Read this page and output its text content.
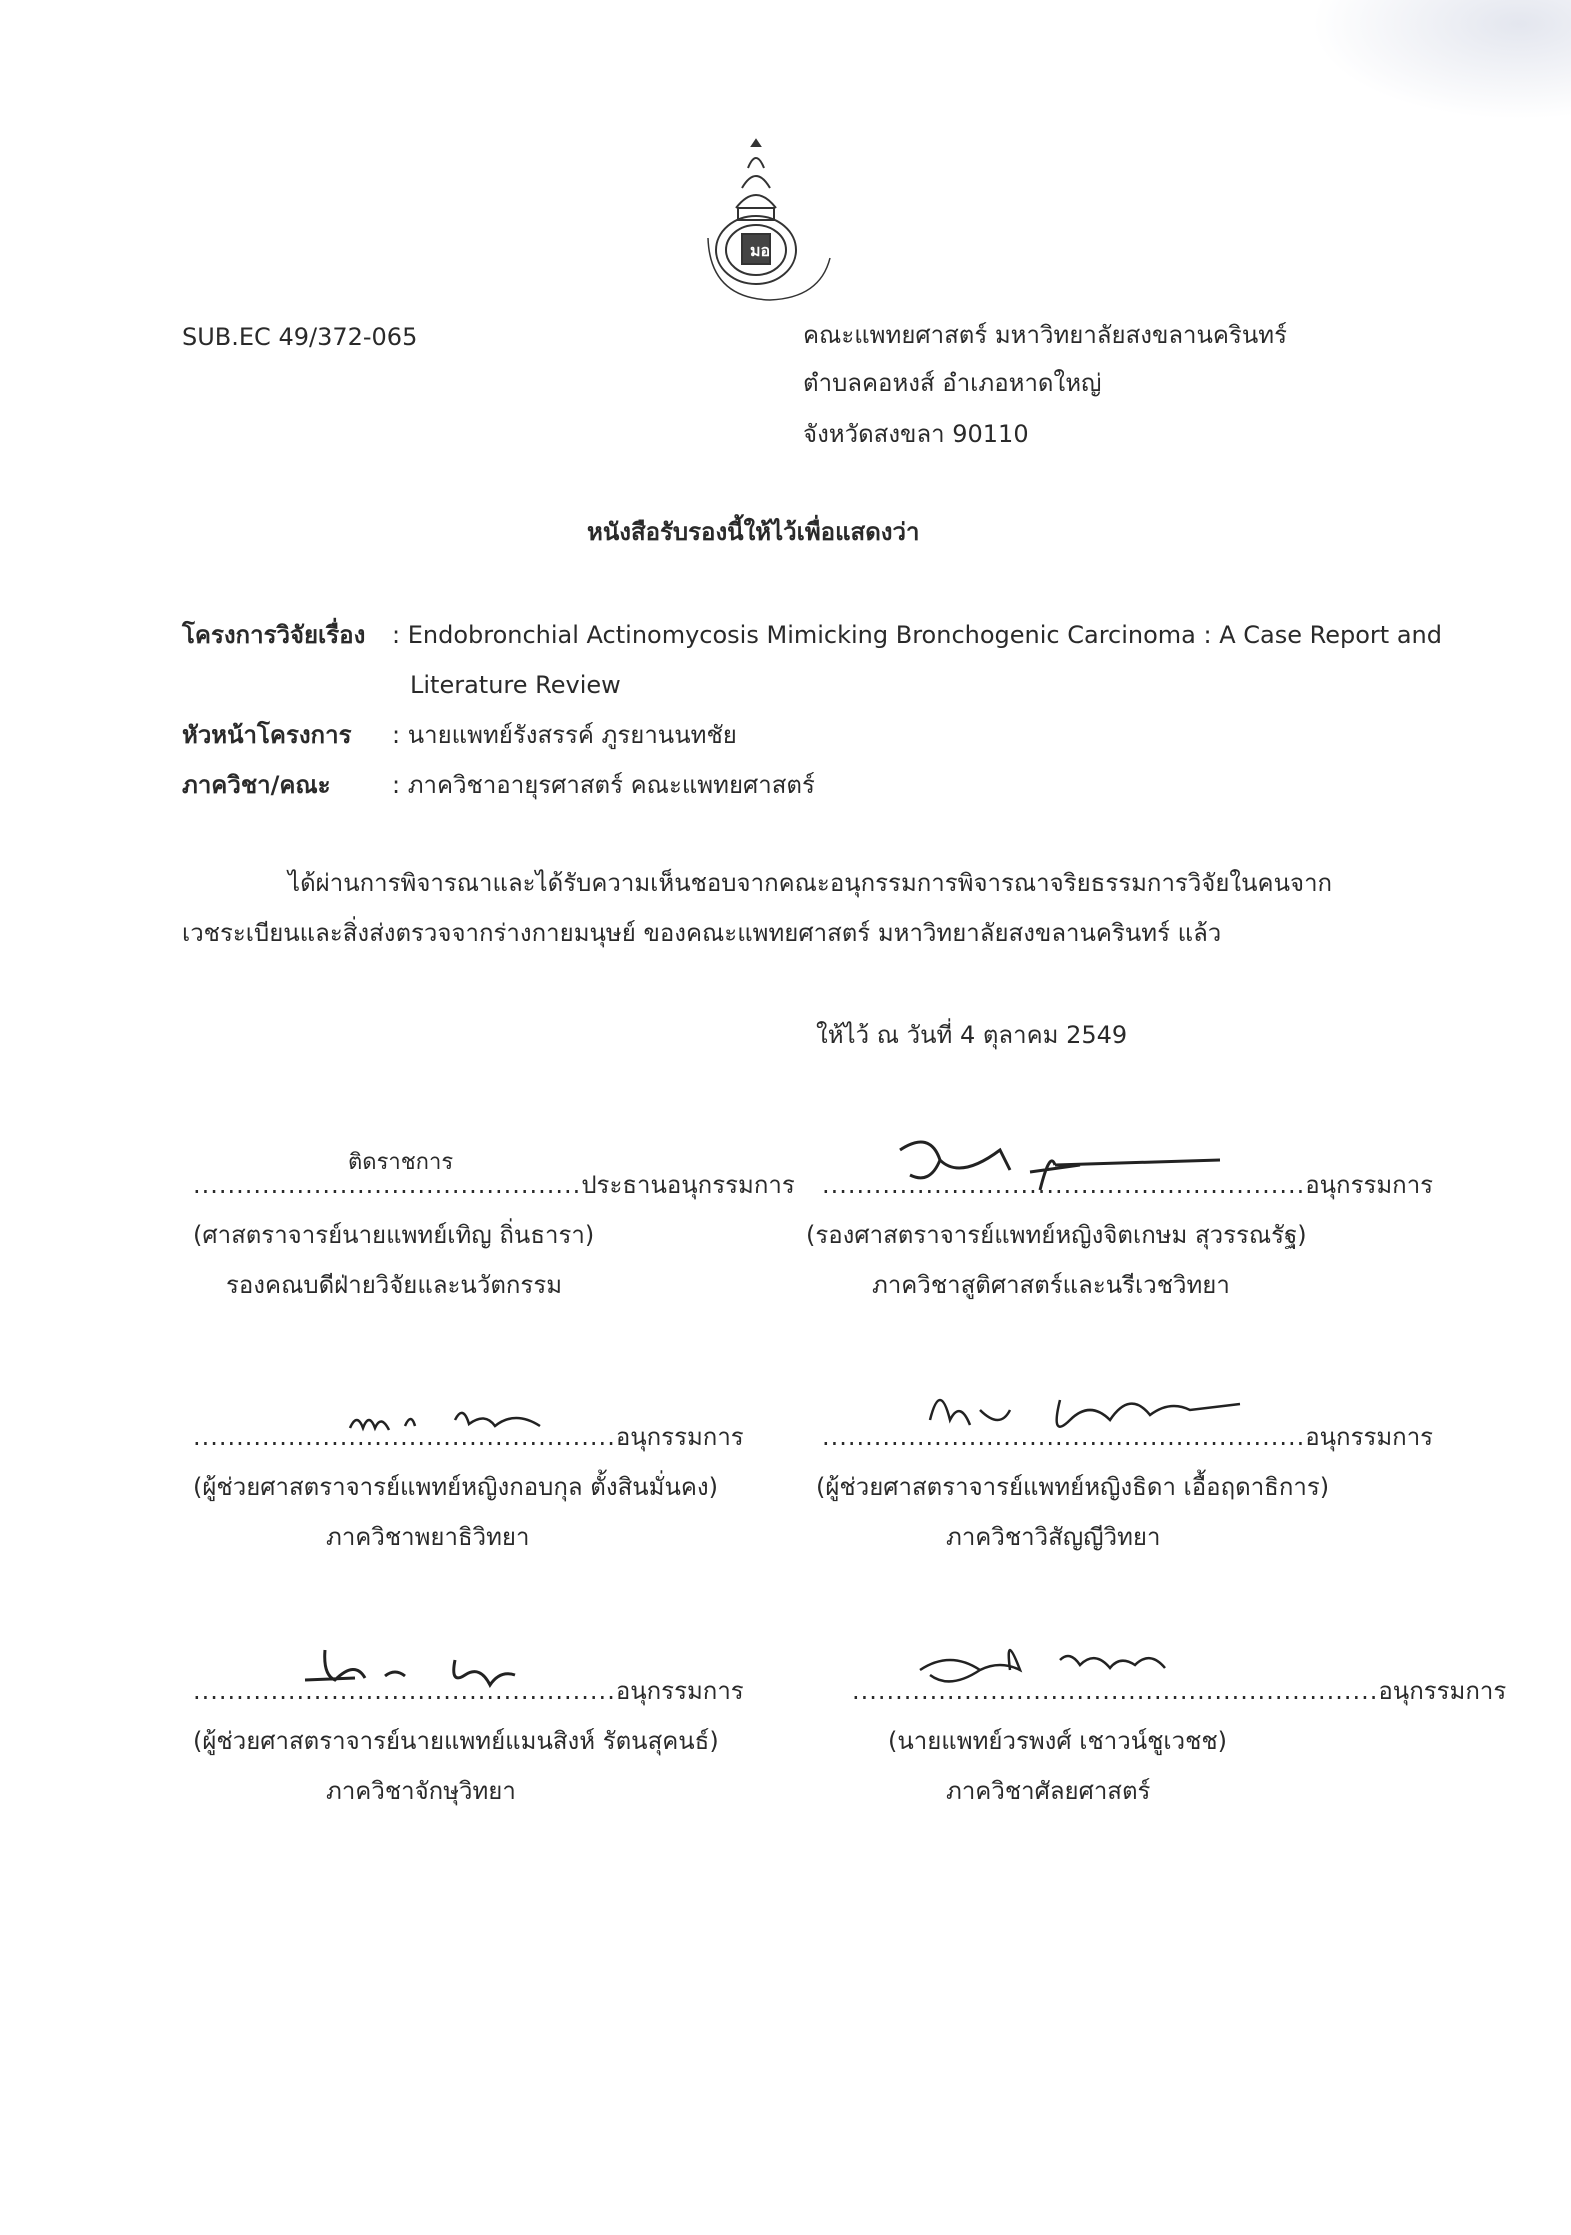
มอ
SUB.EC 49/372-065	คณะแพทยศาสตร์ มหาวิทยาลัยสงขลานครินทร์
ตำบลคอหงส์ อำเภอหาดใหญ่
จังหวัดสงขลา 90110
หนังสือรับรองนี้ให้ไว้เพื่อแสดงว่า
โครงการวิจัยเรื่อง : Endobronchial Actinomycosis Mimicking Bronchogenic Carcinoma : A Case Report and
Literature Review
หัวหน้าโครงการ : นายแพทย์รังสรรค์ ภูรยานนทชัย
ภาควิชา/คณะ	: ภาควิชาอายุรศาสตร์ คณะแพทยศาสตร์
ได้ผ่านการพิจารณาและได้รับความเห็นชอบจากคณะอนุกรรมการพิจารณาจริยธรรมการวิจัยในคนจาก
เวชระเบียนและสิ่งส่งตรวจจากร่างกายมนุษย์ ของคณะแพทยศาสตร์ มหาวิทยาลัยสงขลานครินทร์ แล้ว
ให้ไว้ ณ วันที่ 4 ตุลาคม 2549
ติดราชการ
.............................................ประธานอนุกรรมการ
(ศาสตราจารย์นายแพทย์เทิญ ถิ่นธารา)
รองคณบดีฝ่ายวิจัยและนวัตกรรม
........................................................อนุกรรมการ
(รองศาสตราจารย์แพทย์หญิงจิตเกษม สุวรรณรัฐ)
ภาควิชาสูติศาสตร์และนรีเวชวิทยา
.................................................อนุกรรมการ
(ผู้ช่วยศาสตราจารย์แพทย์หญิงกอบกุล ตั้งสินมั่นคง)
ภาควิชาพยาธิวิทยา
........................................................อนุกรรมการ
(ผู้ช่วยศาสตราจารย์แพทย์หญิงธิดา เอื้อฤดาธิการ)
ภาควิชาวิสัญญีวิทยา
.................................................อนุกรรมการ
(ผู้ช่วยศาสตราจารย์นายแพทย์แมนสิงห์ รัตนสุคนธ์)
ภาควิชาจักษุวิทยา
.............................................................อนุกรรมการ
(นายแพทย์วรพงศ์ เชาวน์ชูเวชช)
ภาควิชาศัลยศาสตร์
